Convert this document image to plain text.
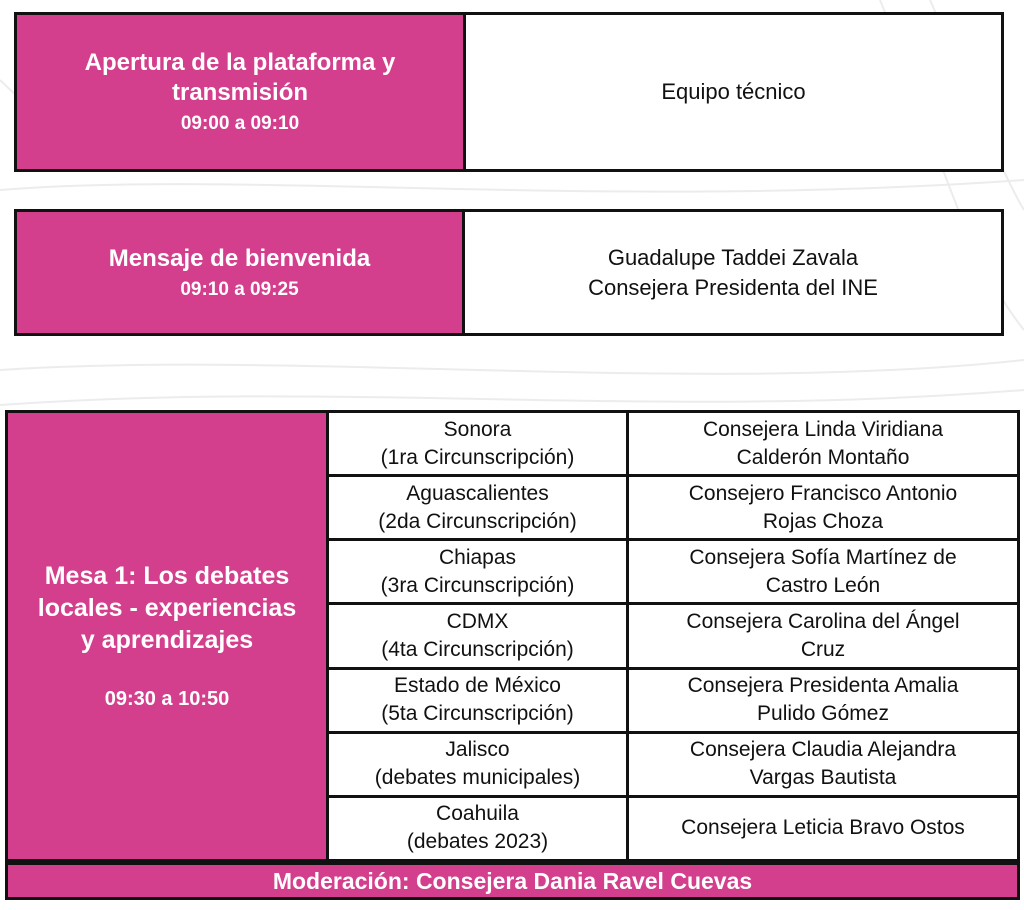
Apertura de la plataforma y
transmisión
09:00 a 09:10
Equipo técnico
Mensaje de bienvenida
09:10 a 09:25
Guadalupe Taddei Zavala
Consejera Presidenta del INE
Mesa 1: Los debates
locales - experiencias
y aprendizajes
09:30 a 10:50
Sonora
(1ra Circunscripción)
Consejera Linda Viridiana
Calderón Montaño
Aguascalientes
(2da Circunscripción)
Consejero Francisco Antonio
Rojas Choza
Chiapas
(3ra Circunscripción)
Consejera Sofía Martínez de
Castro León
CDMX
(4ta Circunscripción)
Consejera Carolina del Ángel
Cruz
Estado de México
(5ta Circunscripción)
Consejera Presidenta Amalia
Pulido Gómez
Jalisco
(debates municipales)
Consejera Claudia Alejandra
Vargas Bautista
Coahuila
(debates 2023)
Consejera Leticia Bravo Ostos
Moderación: Consejera Dania Ravel Cuevas
